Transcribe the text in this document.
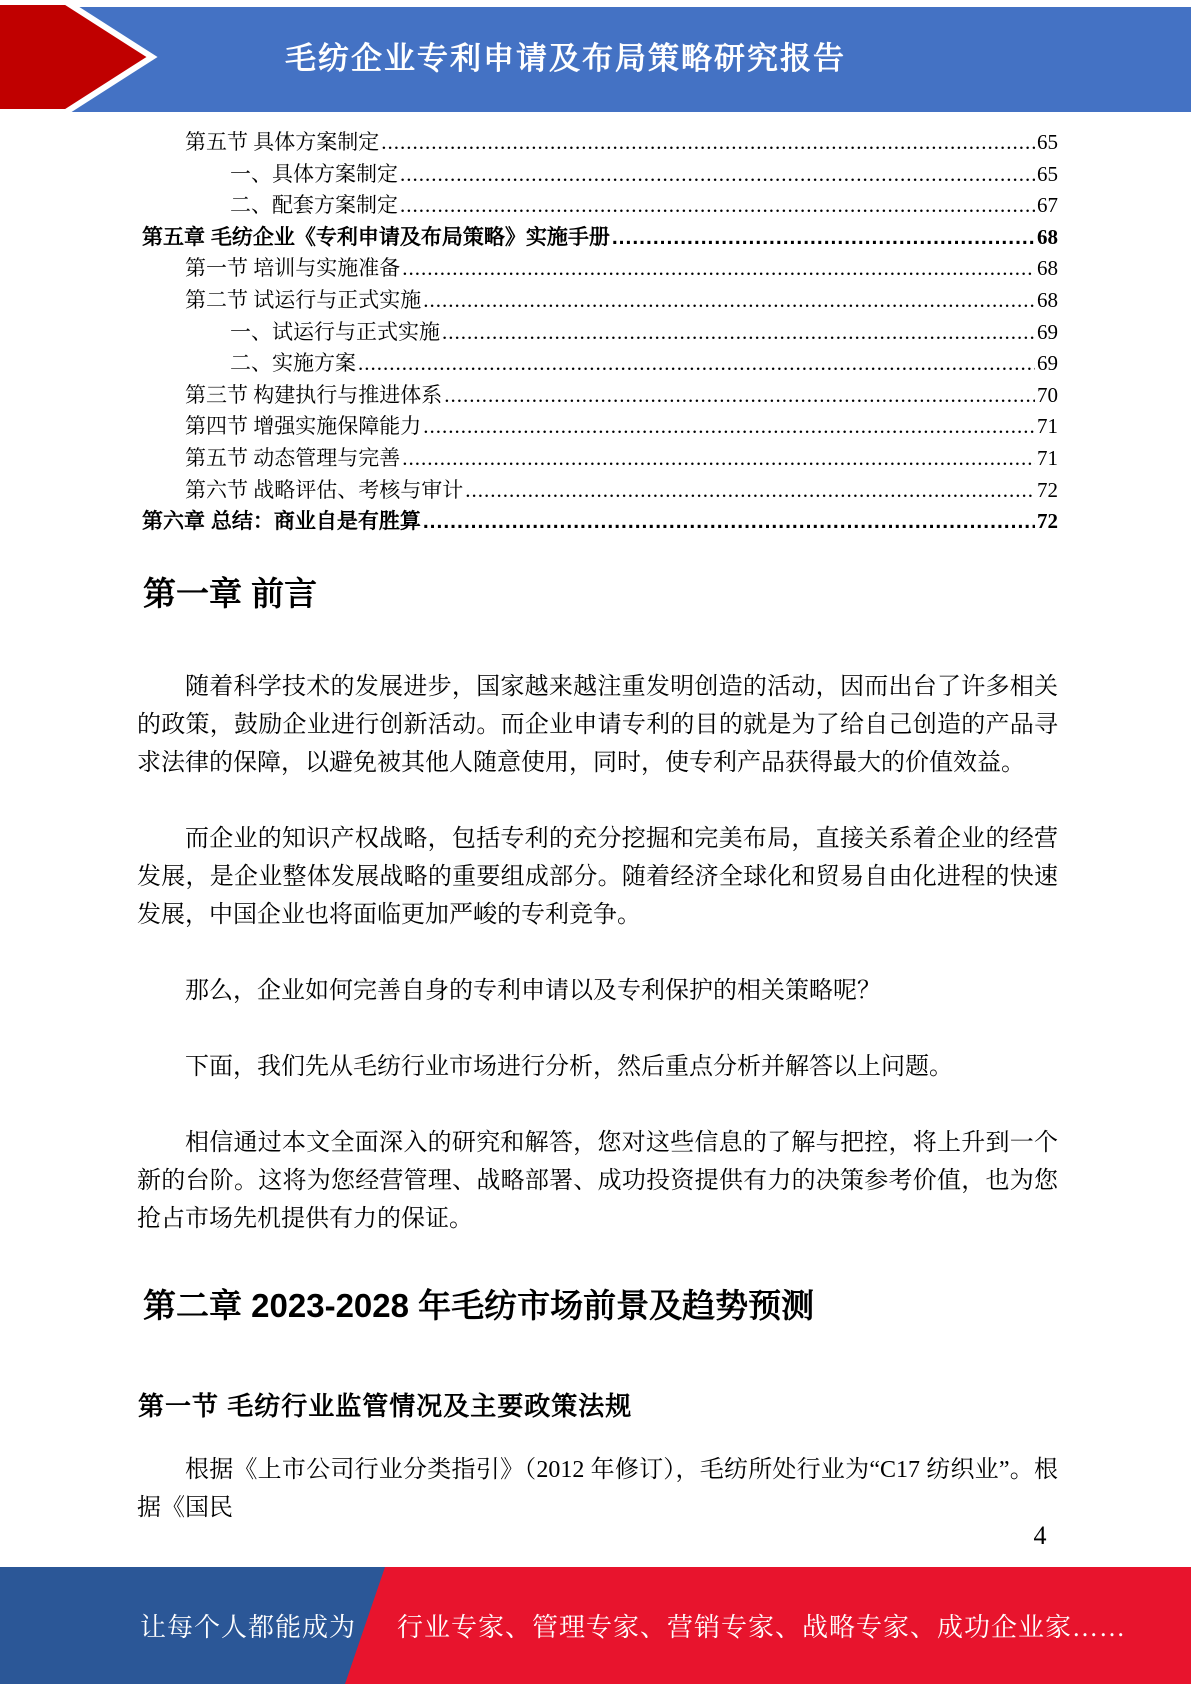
毛纺企业专利申请及布局策略研究报告
第五节 具体方案制定 .....	65
一、具体方案制定 .....	65
二、配套方案制定 .....	67
第五章 毛纺企业《专利申请及布局策略》实施手册 .....	68
第一节 培训与实施准备 .....	68
第二节 试运行与正式实施 .....	68
一、试运行与正式实施 .....	69
二、实施方案 .....	69
第三节 构建执行与推进体系 .....	70
第四节 增强实施保障能力 .....	71
第五节 动态管理与完善 .....	71
第六节 战略评估、考核与审计 .....	72
第六章 总结：商业自是有胜算 .....	72
第一章 前言

随着科学技术的发展进步，国家越来越注重发明创造的活动，因而出台了许多相关的政策，鼓励企业进行创新活动。而企业申请专利的目的就是为了给自己创造的产品寻求法律的保障，以避免被其他人随意使用，同时，使专利产品获得最大的价值效益。

而企业的知识产权战略，包括专利的充分挖掘和完美布局，直接关系着企业的经营发展，是企业整体发展战略的重要组成部分。随着经济全球化和贸易自由化进程的快速发展，中国企业也将面临更加严峻的专利竞争。

那么，企业如何完善自身的专利申请以及专利保护的相关策略呢？

下面，我们先从毛纺行业市场进行分析，然后重点分析并解答以上问题。

相信通过本文全面深入的研究和解答，您对这些信息的了解与把控，将上升到一个新的台阶。这将为您经营管理、战略部署、成功投资提供有力的决策参考价值，也为您抢占市场先机提供有力的保证。

第二章 2023-2028 年毛纺市场前景及趋势预测
第一节 毛纺行业监管情况及主要政策法规
根据《上市公司行业分类指引》（2012 年修订），毛纺所处行业为“C17 纺织业”。根据《国民
4
让每个人都能成为 行业专家、管理专家、营销专家、战略专家、成功企业家……
